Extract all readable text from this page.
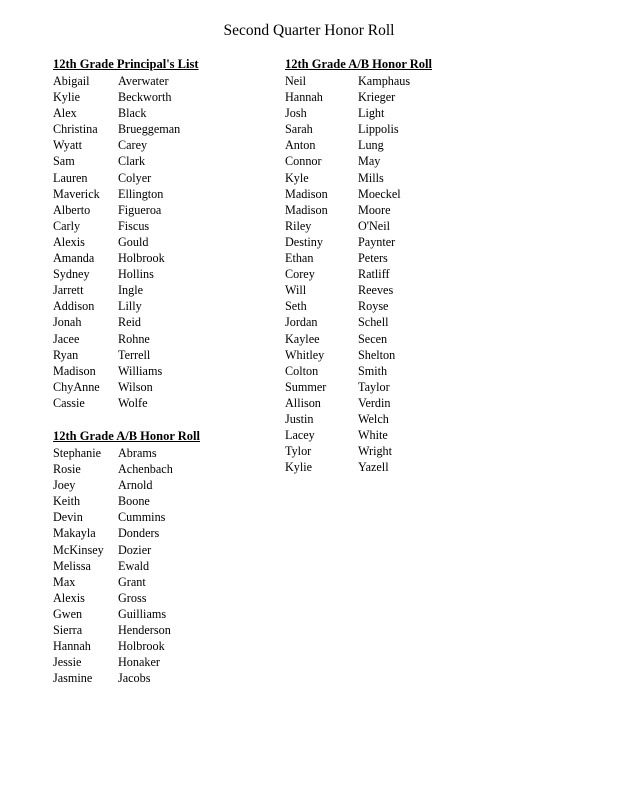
Second Quarter Honor Roll
12th Grade Principal's List
Abigail Averwater
Kylie	Beckworth
Alex	Black
Christina Brueggeman
Wyatt	Carey
Sam	Clark
Lauren Colyer
Maverick Ellington
Alberto Figueroa
Carly	Fiscus
Alexis	Gould
Amanda Holbrook
Sydney Hollins
Jarrett	Ingle
Addison Lilly
Jonah	Reid
Jacee	Rohne
Ryan	Terrell
Madison Williams
ChyAnne Wilson
Cassie	Wolfe
12th Grade A/B Honor Roll
Stephanie Abrams
Rosie	Achenbach
Joey	Arnold
Keith	Boone
Devin	Cummins
Makayla Donders
McKinsey Dozier
Melissa Ewald
Max	Grant
Alexis	Gross
Gwen	Guilliams
Sierra	Henderson
Hannah Holbrook
Jessie	Honaker
Jasmine Jacobs
12th Grade A/B Honor Roll
Neil	Kamphaus
Hannah	Krieger
Josh	Light
Sarah	Lippolis
Anton	Lung
Connor	May
Kyle	Mills
Madison Moeckel
Madison Moore
Riley	O'Neil
Destiny	Paynter
Ethan	Peters
Corey	Ratliff
Will	Reeves
Seth	Royse
Jordan	Schell
Kaylee	Secen
Whitley	Shelton
Colton	Smith
Summer	Taylor
Allison	Verdin
Justin	Welch
Lacey	White
Tylor	Wright
Kylie	Yazell
